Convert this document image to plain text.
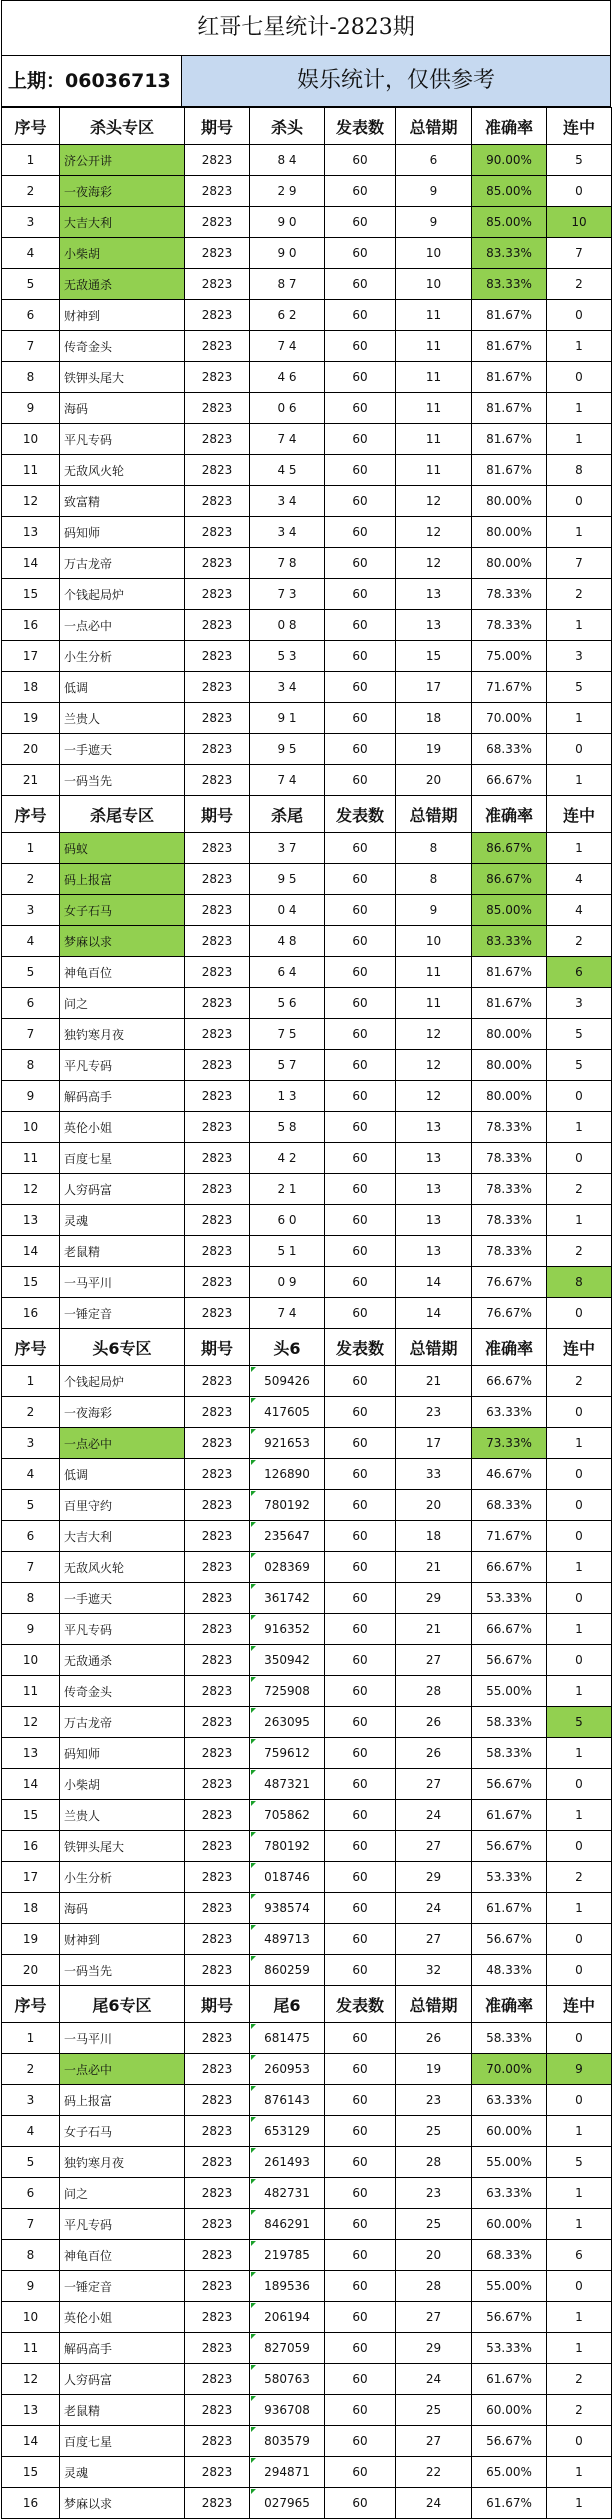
红哥七星统计-2823期
上期：06036713	娱乐统计，仅供参考
序号	杀头专区	期号	杀头	发表数	总错期	准确率	连中
1	济公开讲	2823	8 4	60	6	90.00%	5
2	一夜海彩	2823	2 9	60	9	85.00%	0
3	大吉大利	2823	9 0	60	9	85.00%	10
4	小柴胡	2823	9 0	60	10	83.33%	7
5	无敌通杀	2823	8 7	60	10	83.33%	2
6	财神到	2823	6 2	60	11	81.67%	0
7	传奇金头	2823	7 4	60	11	81.67%	1
8	铁钾头尾大	2823	4 6	60	11	81.67%	0
9	海码	2823	0 6	60	11	81.67%	1
10	平凡专码	2823	7 4	60	11	81.67%	1
11	无敌风火轮	2823	4 5	60	11	81.67%	8
12	致富精	2823	3 4	60	12	80.00%	0
13	码知师	2823	3 4	60	12	80.00%	1
14	万古龙帝	2823	7 8	60	12	80.00%	7
15	个钱起局炉	2823	7 3	60	13	78.33%	2
16	一点必中	2823	0 8	60	13	78.33%	1
17	小生分析	2823	5 3	60	15	75.00%	3
18	低调	2823	3 4	60	17	71.67%	5
19	兰贵人	2823	9 1	60	18	70.00%	1
20	一手遮天	2823	9 5	60	19	68.33%	0
21	一码当先	2823	7 4	60	20	66.67%	1
序号	杀尾专区	期号	杀尾	发表数	总错期	准确率	连中
1	码蚁	2823	3 7	60	8	86.67%	1
2	码上报富	2823	9 5	60	8	86.67%	4
3	女子石马	2823	0 4	60	9	85.00%	4
4	梦麻以求	2823	4 8	60	10	83.33%	2
5	神龟百位	2823	6 4	60	11	81.67%	6
6	问之	2823	5 6	60	11	81.67%	3
7	独钓寒月夜	2823	7 5	60	12	80.00%	5
8	平凡专码	2823	5 7	60	12	80.00%	5
9	解码高手	2823	1 3	60	12	80.00%	0
10	英伦小姐	2823	5 8	60	13	78.33%	1
11	百度七星	2823	4 2	60	13	78.33%	0
12	人穷码富	2823	2 1	60	13	78.33%	2
13	灵魂	2823	6 0	60	13	78.33%	1
14	老鼠精	2823	5 1	60	13	78.33%	2
15	一马平川	2823	0 9	60	14	76.67%	8
16	一锤定音	2823	7 4	60	14	76.67%	0
序号	头6专区	期号	头6	发表数	总错期	准确率	连中
1	个钱起局炉	2823	509426	60	21	66.67%	2
2	一夜海彩	2823	417605	60	23	63.33%	0
3	一点必中	2823	921653	60	17	73.33%	1
4	低调	2823	126890	60	33	46.67%	0
5	百里守约	2823	780192	60	20	68.33%	0
6	大吉大利	2823	235647	60	18	71.67%	0
7	无敌风火轮	2823	028369	60	21	66.67%	1
8	一手遮天	2823	361742	60	29	53.33%	0
9	平凡专码	2823	916352	60	21	66.67%	1
10	无敌通杀	2823	350942	60	27	56.67%	0
11	传奇金头	2823	725908	60	28	55.00%	1
12	万古龙帝	2823	263095	60	26	58.33%	5
13	码知师	2823	759612	60	26	58.33%	1
14	小柴胡	2823	487321	60	27	56.67%	0
15	兰贵人	2823	705862	60	24	61.67%	1
16	铁钾头尾大	2823	780192	60	27	56.67%	0
17	小生分析	2823	018746	60	29	53.33%	2
18	海码	2823	938574	60	24	61.67%	1
19	财神到	2823	489713	60	27	56.67%	0
20	一码当先	2823	860259	60	32	48.33%	0
序号	尾6专区	期号	尾6	发表数	总错期	准确率	连中
1	一马平川	2823	681475	60	26	58.33%	0
2	一点必中	2823	260953	60	19	70.00%	9
3	码上报富	2823	876143	60	23	63.33%	0
4	女子石马	2823	653129	60	25	60.00%	1
5	独钓寒月夜	2823	261493	60	28	55.00%	5
6	问之	2823	482731	60	23	63.33%	1
7	平凡专码	2823	846291	60	25	60.00%	1
8	神龟百位	2823	219785	60	20	68.33%	6
9	一锤定音	2823	189536	60	28	55.00%	0
10	英伦小姐	2823	206194	60	27	56.67%	1
11	解码高手	2823	827059	60	29	53.33%	1
12	人穷码富	2823	580763	60	24	61.67%	2
13	老鼠精	2823	936708	60	25	60.00%	2
14	百度七星	2823	803579	60	27	56.67%	0
15	灵魂	2823	294871	60	22	65.00%	1
16	梦麻以求	2823	027965	60	24	61.67%	1
